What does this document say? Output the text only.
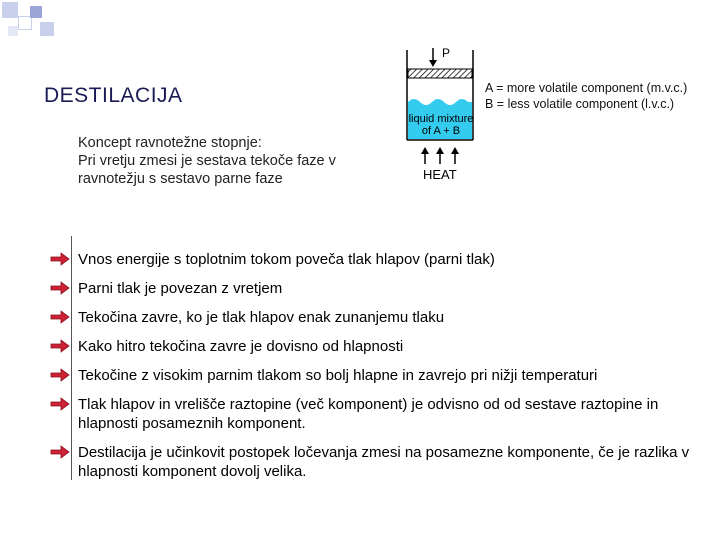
DESTILACIJA
Koncept ravnotežne stopnje:
Pri vretju zmesi je sestava tekoče faze v
ravnotežju s sestavo parne faze
P
liquid mixture
of A + B
HEAT
A = more volatile component (m.v.c.)
B = less volatile component (l.v.c.)
Vnos energije s toplotnim tokom poveča tlak hlapov (parni tlak)
Parni tlak je povezan z vretjem
Tekočina zavre, ko je tlak hlapov enak zunanjemu tlaku
Kako hitro tekočina zavre je dovisno od hlapnosti
Tekočine z visokim parnim tlakom so bolj hlapne in zavrejo pri nižji temperaturi
Tlak hlapov in vrelišče raztopine (več komponent) je odvisno od od sestave raztopine in hlapnosti posameznih komponent.
Destilacija je učinkovit postopek ločevanja zmesi na posamezne komponente, če je razlika v hlapnosti komponent dovolj velika.
